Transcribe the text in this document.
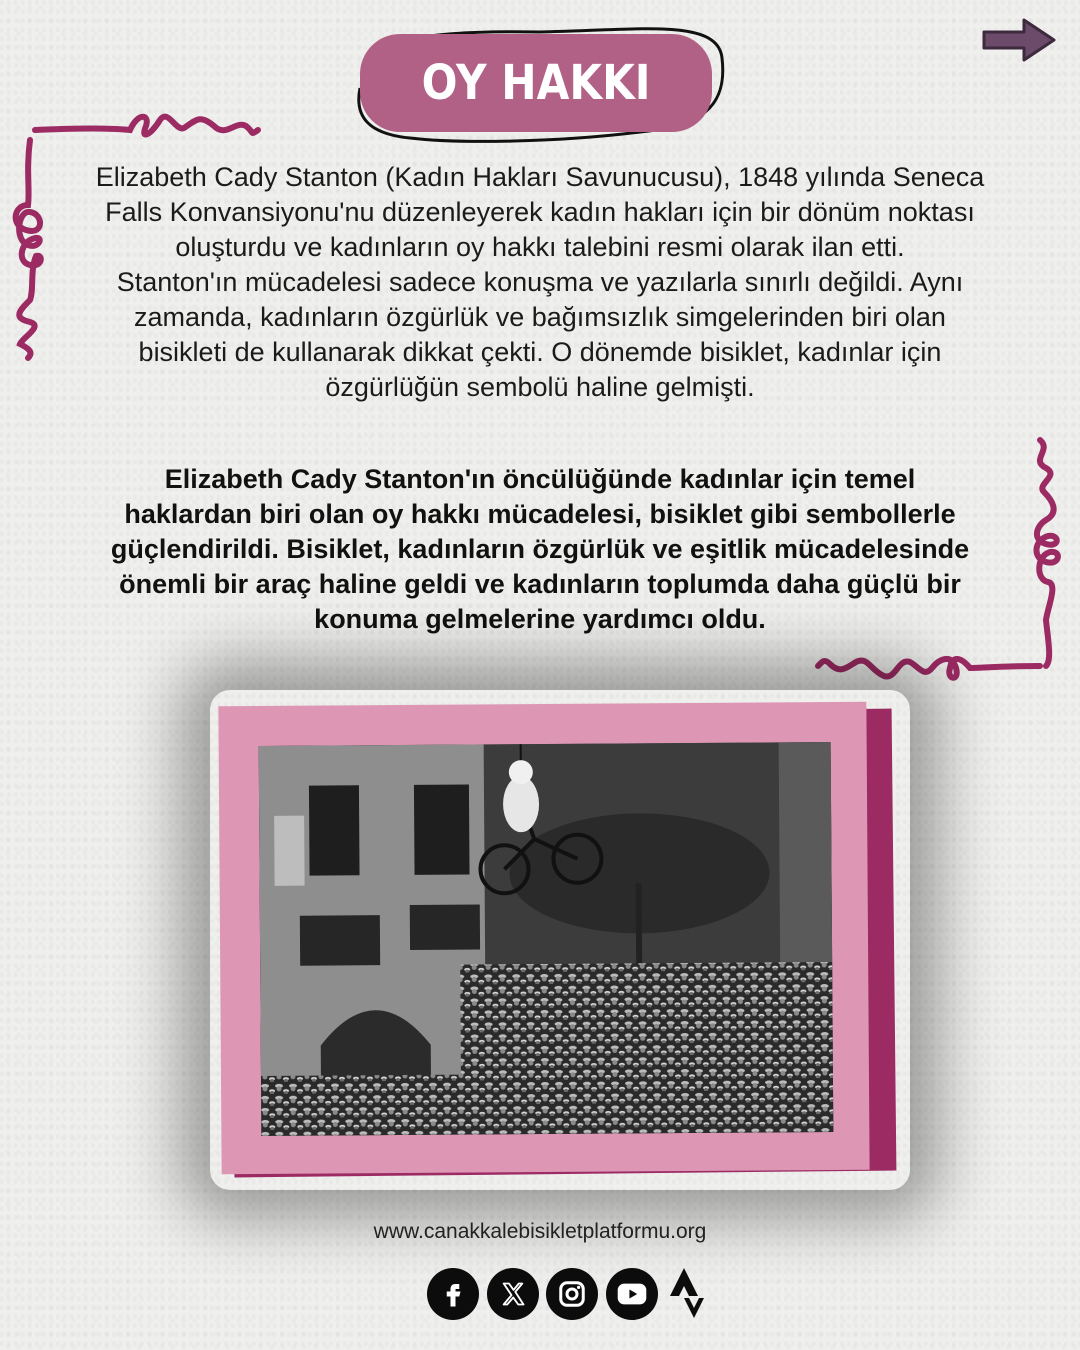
OY HAKKI

Elizabeth Cady Stanton (Kadın Hakları Savunucusu), 1848 yılında Seneca Falls Konvansiyonu'nu düzenleyerek kadın hakları için bir dönüm noktası oluşturdu ve kadınların oy hakkı talebini resmi olarak ilan etti.

Stanton'ın mücadelesi sadece konuşma ve yazılarla sınırlı değildi. Aynı zamanda, kadınların özgürlük ve bağımsızlık simgelerinden biri olan bisikleti de kullanarak dikkat çekti. O dönemde bisiklet, kadınlar için özgürlüğün sembolü haline gelmişti.

Elizabeth Cady Stanton'ın öncülüğünde kadınlar için temel haklardan biri olan oy hakkı mücadelesi, bisiklet gibi sembollerle güçlendirildi. Bisiklet, kadınların özgürlük ve eşitlik mücadelesinde önemli bir araç haline geldi ve kadınların toplumda daha güçlü bir konuma gelmelerine yardımcı oldu.
www.canakkalebisikletplatformu.org
